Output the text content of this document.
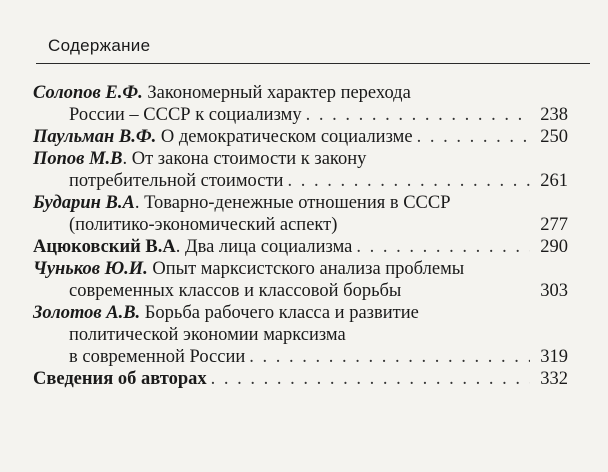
Содержание
Солопов Е.Ф.
Закономерный характер перехода
России – СССР к социализму . . .	238
Паульман В.Ф.
О демократическом социализме . . .	250
Попов М.В . От закона стоимости к закону
потребительной стоимости . . .	261
Бударин В.А . Товарно-денежные отношения в СССР
(политико-экономический аспект)	277
Ацюковский В.А . Два лица социализма . . .	290
Чуньков Ю.И.
Опыт марксистского анализа проблемы
современных классов и классовой борьбы	303
Золотов А.В.
Борьба рабочего класса и развитие
политической экономии марксизма
в современной России . . .	319
Сведения об авторах . . .	332
